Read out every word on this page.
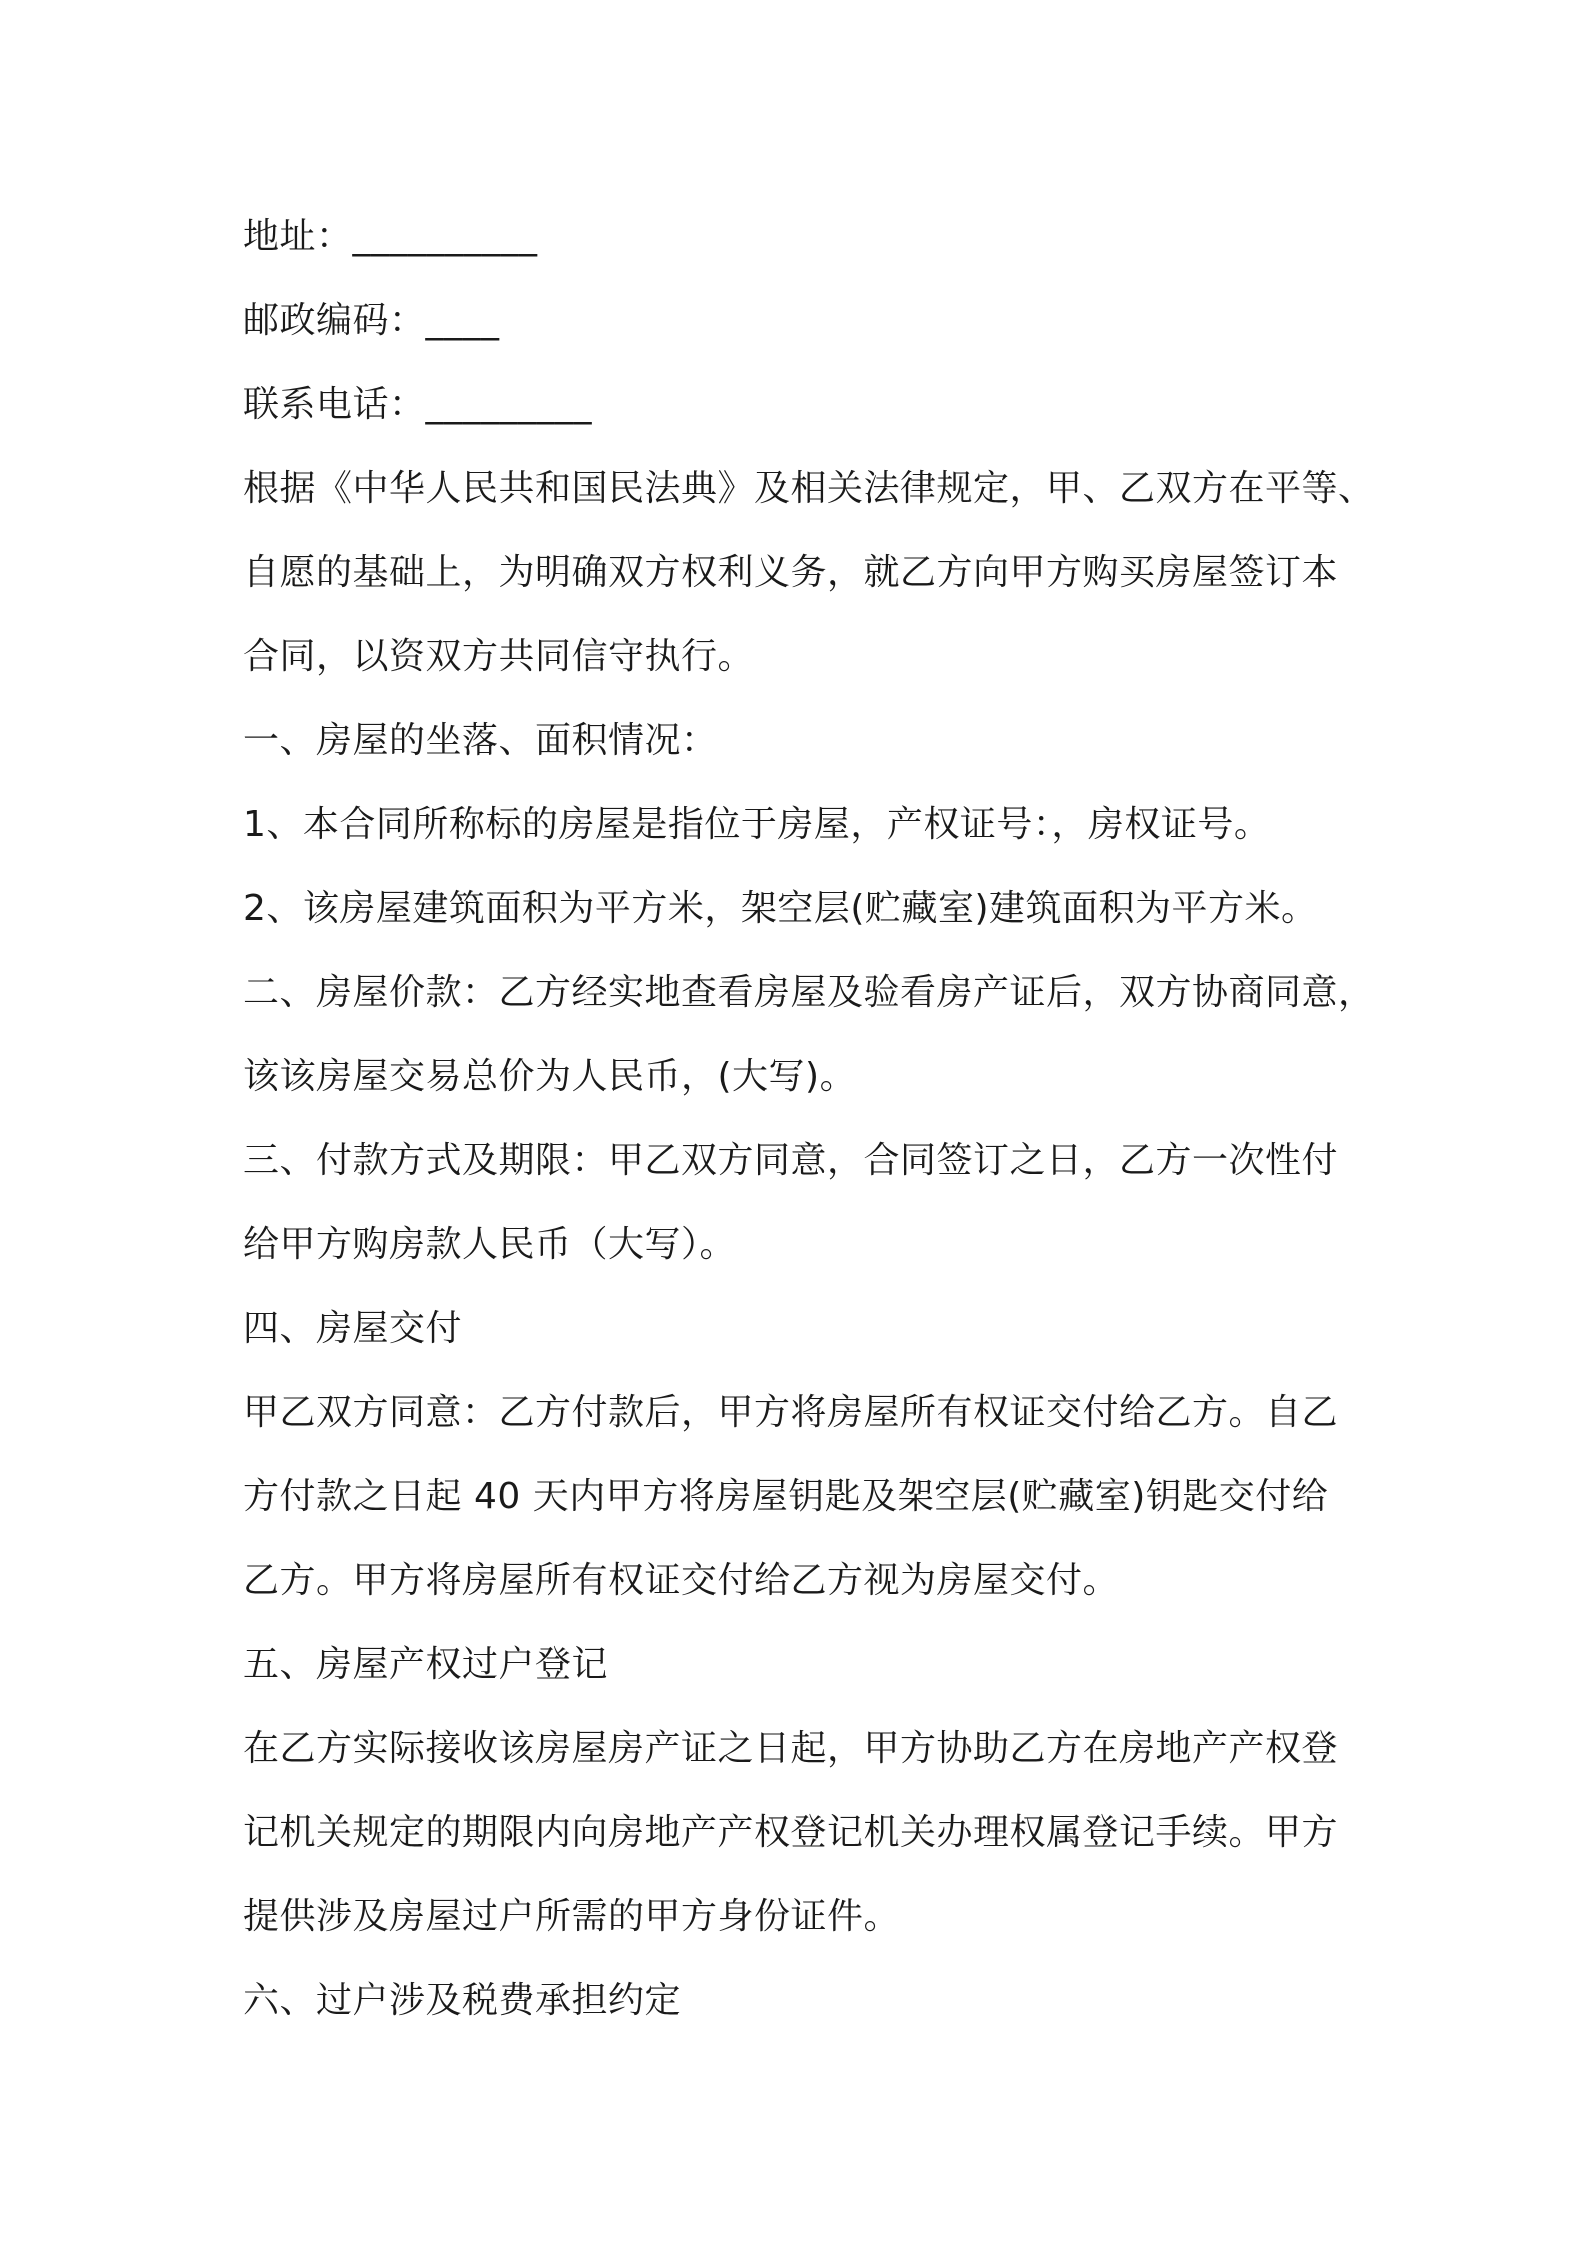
地址：__________
邮政编码：____
联系电话：_________
根据《中华人民共和国民法典》及相关法律规定，甲、乙双方在平等、
自愿的基础上，为明确双方权利义务，就乙方向甲方购买房屋签订本
合同，以资双方共同信守执行。
一、房屋的坐落、面积情况：
1、本合同所称标的房屋是指位于房屋，产权证号：，房权证号。
2、该房屋建筑面积为平方米，架空层(贮藏室)建筑面积为平方米。
二、房屋价款：乙方经实地查看房屋及验看房产证后，双方协商同意，
该该房屋交易总价为人民币，(大写)。
三、付款方式及期限：甲乙双方同意，合同签订之日，乙方一次性付
给甲方购房款人民币（大写）。
四、房屋交付
甲乙双方同意：乙方付款后，甲方将房屋所有权证交付给乙方。自乙
方付款之日起 40 天内甲方将房屋钥匙及架空层(贮藏室)钥匙交付给
乙方。甲方将房屋所有权证交付给乙方视为房屋交付。
五、房屋产权过户登记
在乙方实际接收该房屋房产证之日起，甲方协助乙方在房地产产权登
记机关规定的期限内向房地产产权登记机关办理权属登记手续。甲方
提供涉及房屋过户所需的甲方身份证件。
六、过户涉及税费承担约定
